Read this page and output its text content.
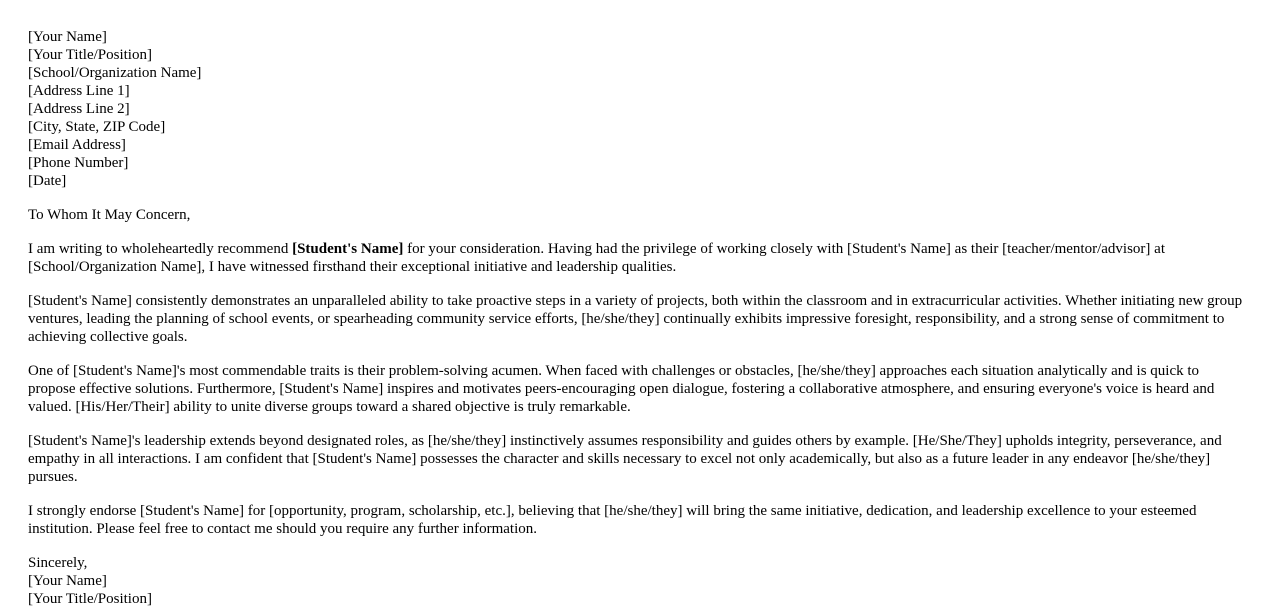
[Your Name]
[Your Title/Position]
[School/Organization Name]
[Address Line 1]
[Address Line 2]
[City, State, ZIP Code]
[Email Address]
[Phone Number]
[Date]

To Whom It May Concern,

I am writing to wholeheartedly recommend [Student's Name] for your consideration. Having had the privilege of working closely with [Student's Name] as their [teacher/mentor/advisor] at [School/Organization Name], I have witnessed firsthand their exceptional initiative and leadership qualities.

[Student's Name] consistently demonstrates an unparalleled ability to take proactive steps in a variety of projects, both within the classroom and in extracurricular activities. Whether initiating new group ventures, leading the planning of school events, or spearheading community service efforts, [he/she/they] continually exhibits impressive foresight, responsibility, and a strong sense of commitment to achieving collective goals.

One of [Student's Name]'s most commendable traits is their problem-solving acumen. When faced with challenges or obstacles, [he/she/they] approaches each situation analytically and is quick to propose effective solutions. Furthermore, [Student's Name] inspires and motivates peers-encouraging open dialogue, fostering a collaborative atmosphere, and ensuring everyone's voice is heard and valued. [His/Her/Their] ability to unite diverse groups toward a shared objective is truly remarkable.

[Student's Name]'s leadership extends beyond designated roles, as [he/she/they] instinctively assumes responsibility and guides others by example. [He/She/They] upholds integrity, perseverance, and empathy in all interactions. I am confident that [Student's Name] possesses the character and skills necessary to excel not only academically, but also as a future leader in any endeavor [he/she/they] pursues.

I strongly endorse [Student's Name] for [opportunity, program, scholarship, etc.], believing that [he/she/they] will bring the same initiative, dedication, and leadership excellence to your esteemed institution. Please feel free to contact me should you require any further information.

Sincerely,
[Your Name]
[Your Title/Position]
